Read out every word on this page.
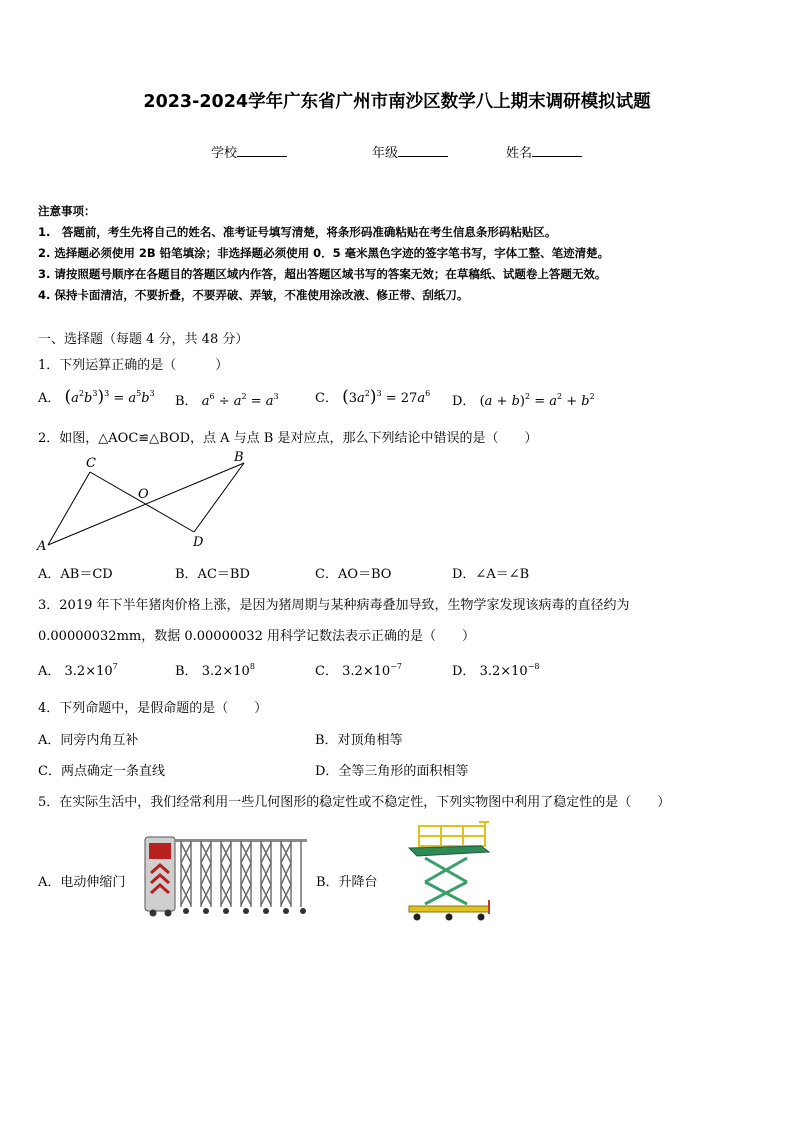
2023-2024学年广东省广州市南沙区数学八上期末调研模拟试题
学校	年级	姓名
注意事项：
1.　答题前，考生先将自己的姓名、准考证号填写清楚，将条形码准确粘贴在考生信息条形码粘贴区。
2. 选择题必须使用 2B 铅笔填涂；非选择题必须使用 0．5 毫米黑色字迹的签字笔书写，字体工整、笔迹清楚。
3. 请按照题号顺序在各题目的答题区域内作答，超出答题区域书写的答案无效；在草稿纸、试题卷上答题无效。
4. 保持卡面清洁，不要折叠，不要弄破、弄皱，不准使用涂改液、修正带、刮纸刀。
一、选择题（每题 4 分，共 48 分）
1．下列运算正确的是（　　　）
A． $(a^2b^3)^3 = a^5b^3$
B． $a^6 \div a^2 = a^3$	C． $(3a^2)^3 = 27a^6$
D． $(a + b)^2 = a^2 + b^2$
2．如图，△AOC≌△BOD，点 A 与点 B 是对应点，那么下列结论中错误的是（　　）
A
B
C
D
O
A．AB＝CD	B．AC＝BD	C．AO＝BO	D．∠A＝∠B
3．2019 年下半年猪肉价格上涨，是因为猪周期与某种病毒叠加导致，生物学家发现该病毒的直径约为
0.00000032mm，数据 0.00000032 用科学记数法表示正确的是（　　）
A． $3.2\times 10^7$	B． $3.2\times 10^8$	C． $3.2\times 10^{-7}$	D． $3.2\times 10^{-8}$
4．下列命题中，是假命题的是（　　）
A．同旁内角互补	B．对顶角相等
C．两点确定一条直线	D．全等三角形的面积相等
5．在实际生活中，我们经常利用一些几何图形的稳定性或不稳定性，下列实物图中利用了稳定性的是（　　）
A．电动伸缩门	B．升降台
